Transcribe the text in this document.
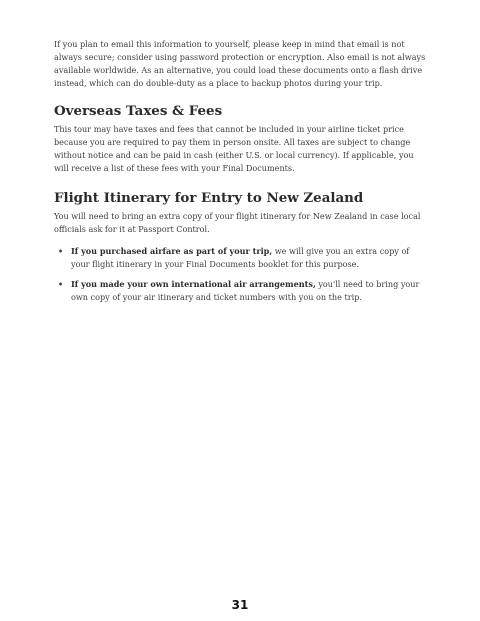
If you plan to email this information to yourself, please keep in mind that email is not always secure; consider using password protection or encryption. Also email is not always available worldwide. As an alternative, you could load these documents onto a flash drive instead, which can do double-duty as a place to backup photos during your trip.

Overseas Taxes & Fees

This tour may have taxes and fees that cannot be included in your airline ticket price because you are required to pay them in person onsite. All taxes are subject to change without notice and can be paid in cash (either U.S. or local currency). If applicable, you will receive a list of these fees with your Final Documents.

Flight Itinerary for Entry to New Zealand

You will need to bring an extra copy of your flight itinerary for New Zealand in case local officials ask for it at Passport Control.

• If you purchased airfare as part of your trip, we will give you an extra copy of your flight itinerary in your Final Documents booklet for this purpose.
• If you made your own international air arrangements, you'll need to bring your own copy of your air itinerary and ticket numbers with you on the trip.
31
